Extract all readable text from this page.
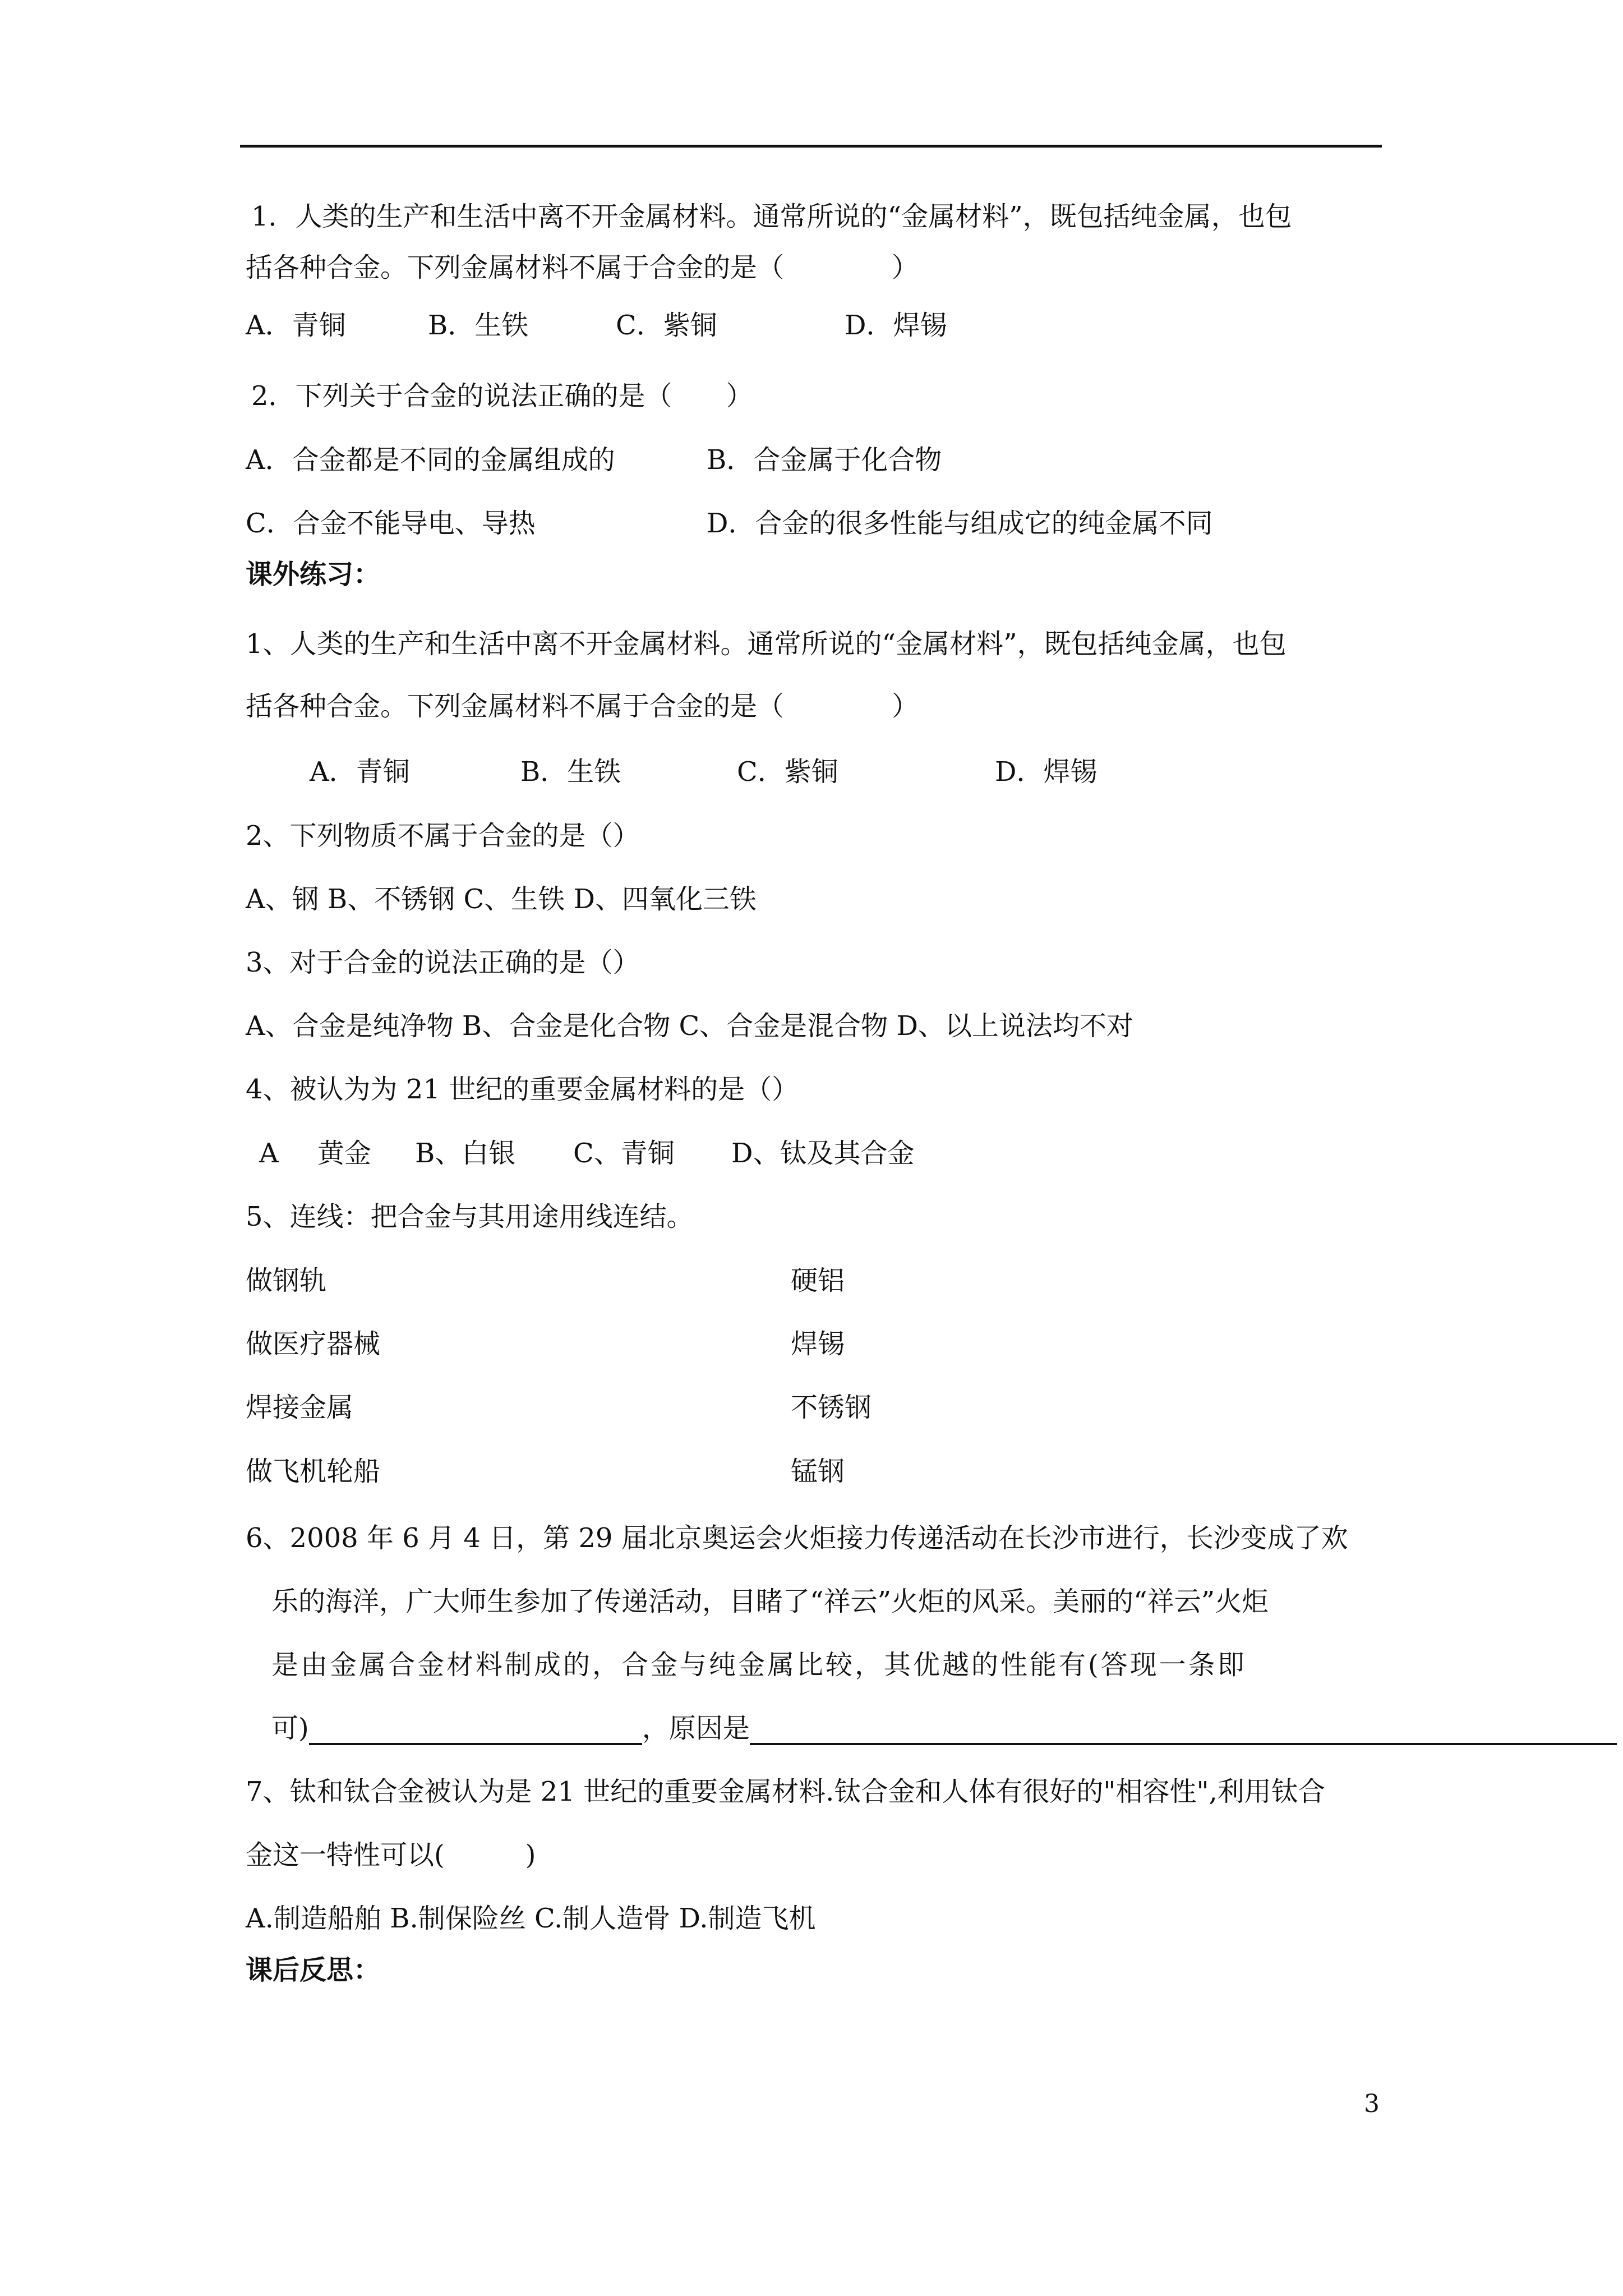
1．人类的生产和生活中离不开金属材料。通常所说的“金属材料”，既包括纯金属，也包
括各种合金。下列金属材料不属于合金的是（　　　　）
A．青铜	B．生铁	C．紫铜	D．焊锡
2．下列关于合金的说法正确的是（　　）
A．合金都是不同的金属组成的	B．合金属于化合物
C．合金不能导电、导热	D．合金的很多性能与组成它的纯金属不同
课外练习：
1、人类的生产和生活中离不开金属材料。通常所说的“金属材料”，既包括纯金属，也包
括各种合金。下列金属材料不属于合金的是（　　　　）
A．青铜	B．生铁	C．紫铜	D．焊锡
2、下列物质不属于合金的是（）
A、钢 B、不锈钢 C、生铁 D、四氧化三铁
3、对于合金的说法正确的是（）
A、合金是纯净物 B、合金是化合物 C、合金是混合物 D、以上说法均不对
4、被认为为 21 世纪的重要金属材料的是（）
A 黄金 B、白银 C、青铜 D、钛及其合金
5、连线：把合金与其用途用线连结。
做钢轨	硬铝
做医疗器械	焊锡
焊接金属	不锈钢
做飞机轮船	锰钢
6、2008 年 6 月 4 日，第 29 届北京奥运会火炬接力传递活动在长沙市进行，长沙变成了欢
乐的海洋，广大师生参加了传递活动，目睹了“祥云”火炬的风采。美丽的“祥云”火炬
是由金属合金材料制成的，合金与纯金属比较，其优越的性能有(答现一条即
可)	，原因是
7、钛和钛合金被认为是 21 世纪的重要金属材料.钛合金和人体有很好的"相容性",利用钛合
金这一特性可以(　　　)
A.制造船舶 B.制保险丝 C.制人造骨 D.制造飞机
课后反思：
3
